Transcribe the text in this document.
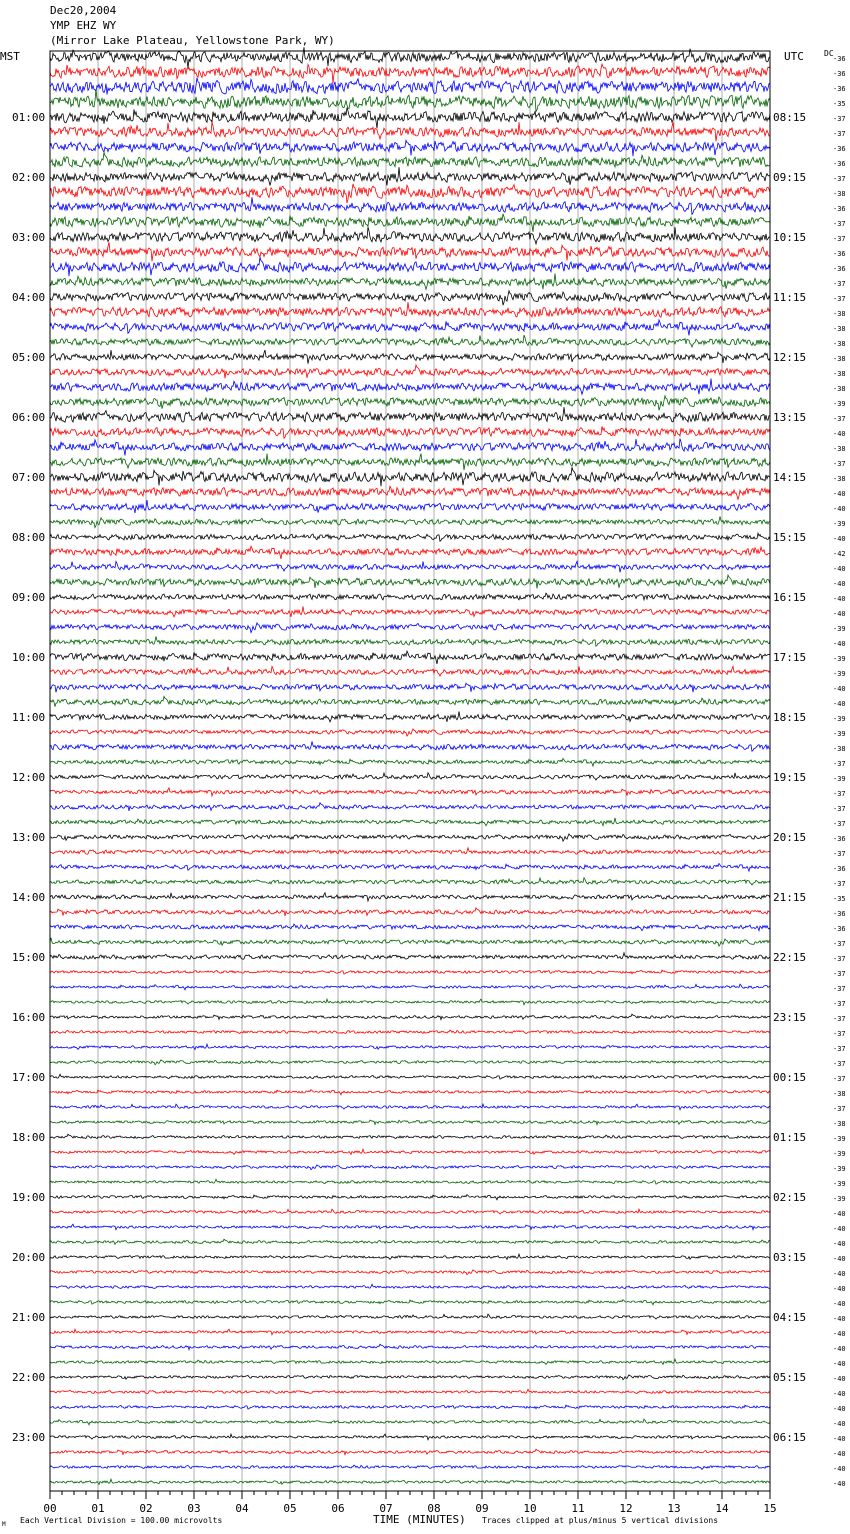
Dec20,2004
YMP EHZ WY
(Mirror Lake Plateau, Yellowstone Park, WY)
MST	UTC	DC
01:00
02:00
03:00
04:00
05:00
06:00
07:00
08:00
09:00
10:00
11:00
12:00
13:00
14:00
15:00
16:00
17:00
18:00
19:00
20:00
21:00
22:00
23:00
08:15
09:15
10:15
11:15
12:15
13:15
14:15
15:15
16:15
17:15
18:15
19:15
20:15
21:15
22:15
23:15
00:15
01:15
02:15
03:15
04:15
05:15
06:15
-36
-36
-36
-35
-37
-37
-36
-36
-37
-38
-36
-37
-37
-36
-36
-37
-37
-38
-38
-38
-38
-38
-38
-39
-37
-40
-38
-37
-38
-40
-40
-39
-40
-42
-40
-40
-40
-40
-39
-40
-39
-39
-40
-40
-39
-39
-38
-37
-39
-37
-37
-37
-36
-37
-36
-37
-35
-36
-36
-37
-37
-37
-37
-37
-37
-37
-37
-37
-37
-38
-37
-38
-39
-39
-39
-39
-39
-40
-40
-40
-40
-40
-40
-40
-40
-40
-40
-40
-40
-40
-40
-40
-40
-40
-40
-40
00	01	02	03	04	05	06	07	08	09	10	11	12	13	14	15
M Each Vertical Division = 100.00 microvolts	TIME (MINUTES) Traces clipped at plus/minus 5 vertical divisions
